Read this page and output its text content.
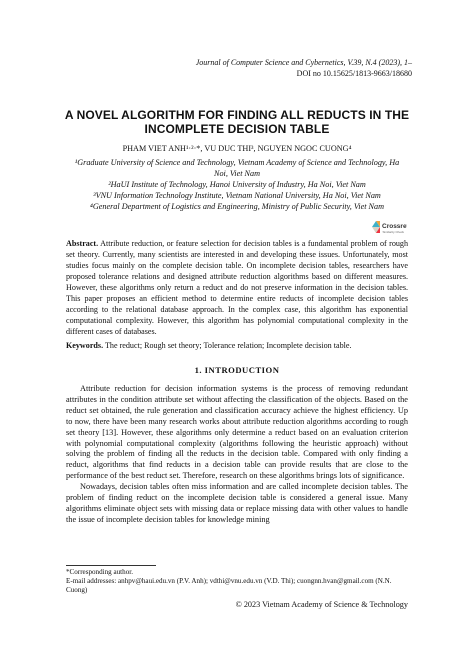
Journal of Computer Science and Cybernetics, V.39, N.4 (2023), 1–
DOI no 10.15625/1813-9663/18680
A NOVEL ALGORITHM FOR FINDING ALL REDUCTS IN THE INCOMPLETE DECISION TABLE
PHAM VIET ANH¹·²·*, VU DUC THI³, NGUYEN NGOC CUONG⁴
¹Graduate University of Science and Technology, Vietnam Academy of Science and Technology, Ha Noi, Viet Nam
²HaUI Institute of Technology, Hanoi University of Industry, Ha Noi, Viet Nam
³VNU Information Technology Institute, Vietnam National University, Ha Noi, Viet Nam
⁴General Department of Logistics and Engineering, Ministry of Public Security, Viet Nam
Crossref
Similarity Check
Abstract. Attribute reduction, or feature selection for decision tables is a fundamental problem of rough set theory. Currently, many scientists are interested in and developing these issues. Unfortunately, most studies focus mainly on the complete decision table. On incomplete decision tables, researchers have proposed tolerance relations and designed attribute reduction algorithms based on different measures. However, these algorithms only return a reduct and do not preserve information in the decision tables. This paper proposes an efficient method to determine entire reducts of incomplete decision tables according to the relational database approach. In the complex case, this algorithm has exponential computational complexity. However, this algorithm has polynomial computational complexity in the different cases of databases.
Keywords. The reduct; Rough set theory; Tolerance relation; Incomplete decision table.
1. INTRODUCTION

Attribute reduction for decision information systems is the process of removing redundant attributes in the condition attribute set without affecting the classification of the objects. Based on the reduct set obtained, the rule generation and classification accuracy achieve the highest efficiency. Up to now, there have been many research works about attribute reduction algorithms according to rough set theory [13]. However, these algorithms only determine a reduct based on an evaluation criterion with polynomial computational complexity (algorithms following the heuristic approach) without solving the problem of finding all the reducts in the decision table. Compared with only finding a reduct, algorithms that find reducts in a decision table can provide results that are close to the performance of the best reduct set. Therefore, research on these algorithms brings lots of significance.

Nowadays, decision tables often miss information and are called incomplete decision tables. The problem of finding reduct on the incomplete decision table is considered a general issue. Many algorithms eliminate object sets with missing data or replace missing data with other values to handle the issue of incomplete decision tables for knowledge mining

*Corresponding author.
E-mail addresses: anhpv@haui.edu.vn (P.V. Anh); vdthi@vnu.edu.vn (V.D. Thi); cuongnn.hvan@gmail.com (N.N. Cuong)
© 2023 Vietnam Academy of Science & Technology
